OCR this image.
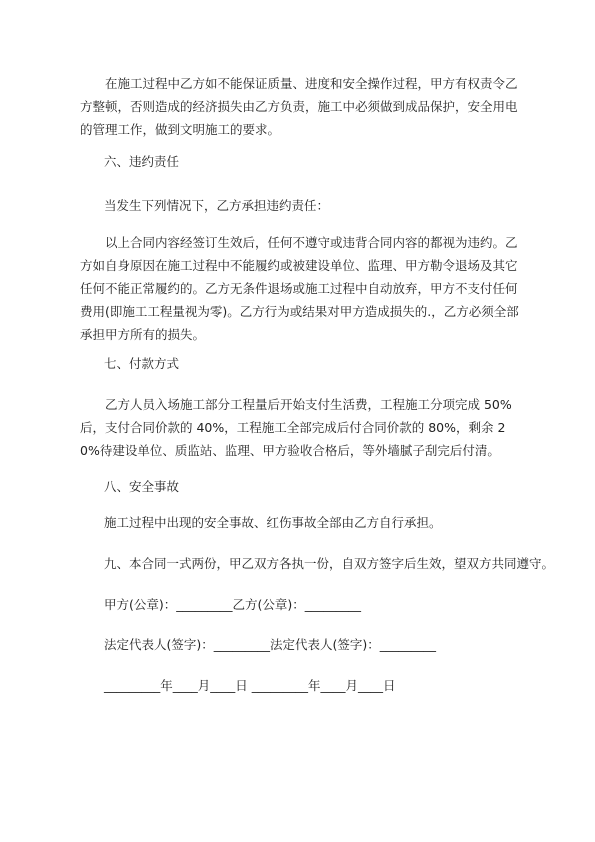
在施工过程中乙方如不能保证质量、进度和安全操作过程，甲方有权责令乙方整顿，否则造成的经济损失由乙方负责，施工中必须做到成品保护，安全用电的管理工作，做到文明施工的要求。

六、违约责任

当发生下列情况下，乙方承担违约责任：

以上合同内容经签订生效后，任何不遵守或违背合同内容的都视为违约。乙方如自身原因在施工过程中不能履约或被建设单位、监理、甲方勒令退场及其它任何不能正常履约的。乙方无条件退场或施工过程中自动放弃，甲方不支付任何费用(即施工工程量视为零)。乙方行为或结果对甲方造成损失的.，乙方必须全部承担甲方所有的损失。

七、付款方式

乙方人员入场施工部分工程量后开始支付生活费，工程施工分项完成 50%后，支付合同价款的 40%，工程施工全部完成后付合同价款的 80%，剩余 20%待建设单位、质监站、监理、甲方验收合格后，等外墙腻子刮完后付清。

八、安全事故

施工过程中出现的安全事故、红伤事故全部由乙方自行承担。

九、本合同一式两份，甲乙双方各执一份，自双方签字后生效，望双方共同遵守。

甲方(公章)：_________乙方(公章)：_________

法定代表人(签字)：_________法定代表人(签字)：_________

_________年____月____日 _________年____月____日
